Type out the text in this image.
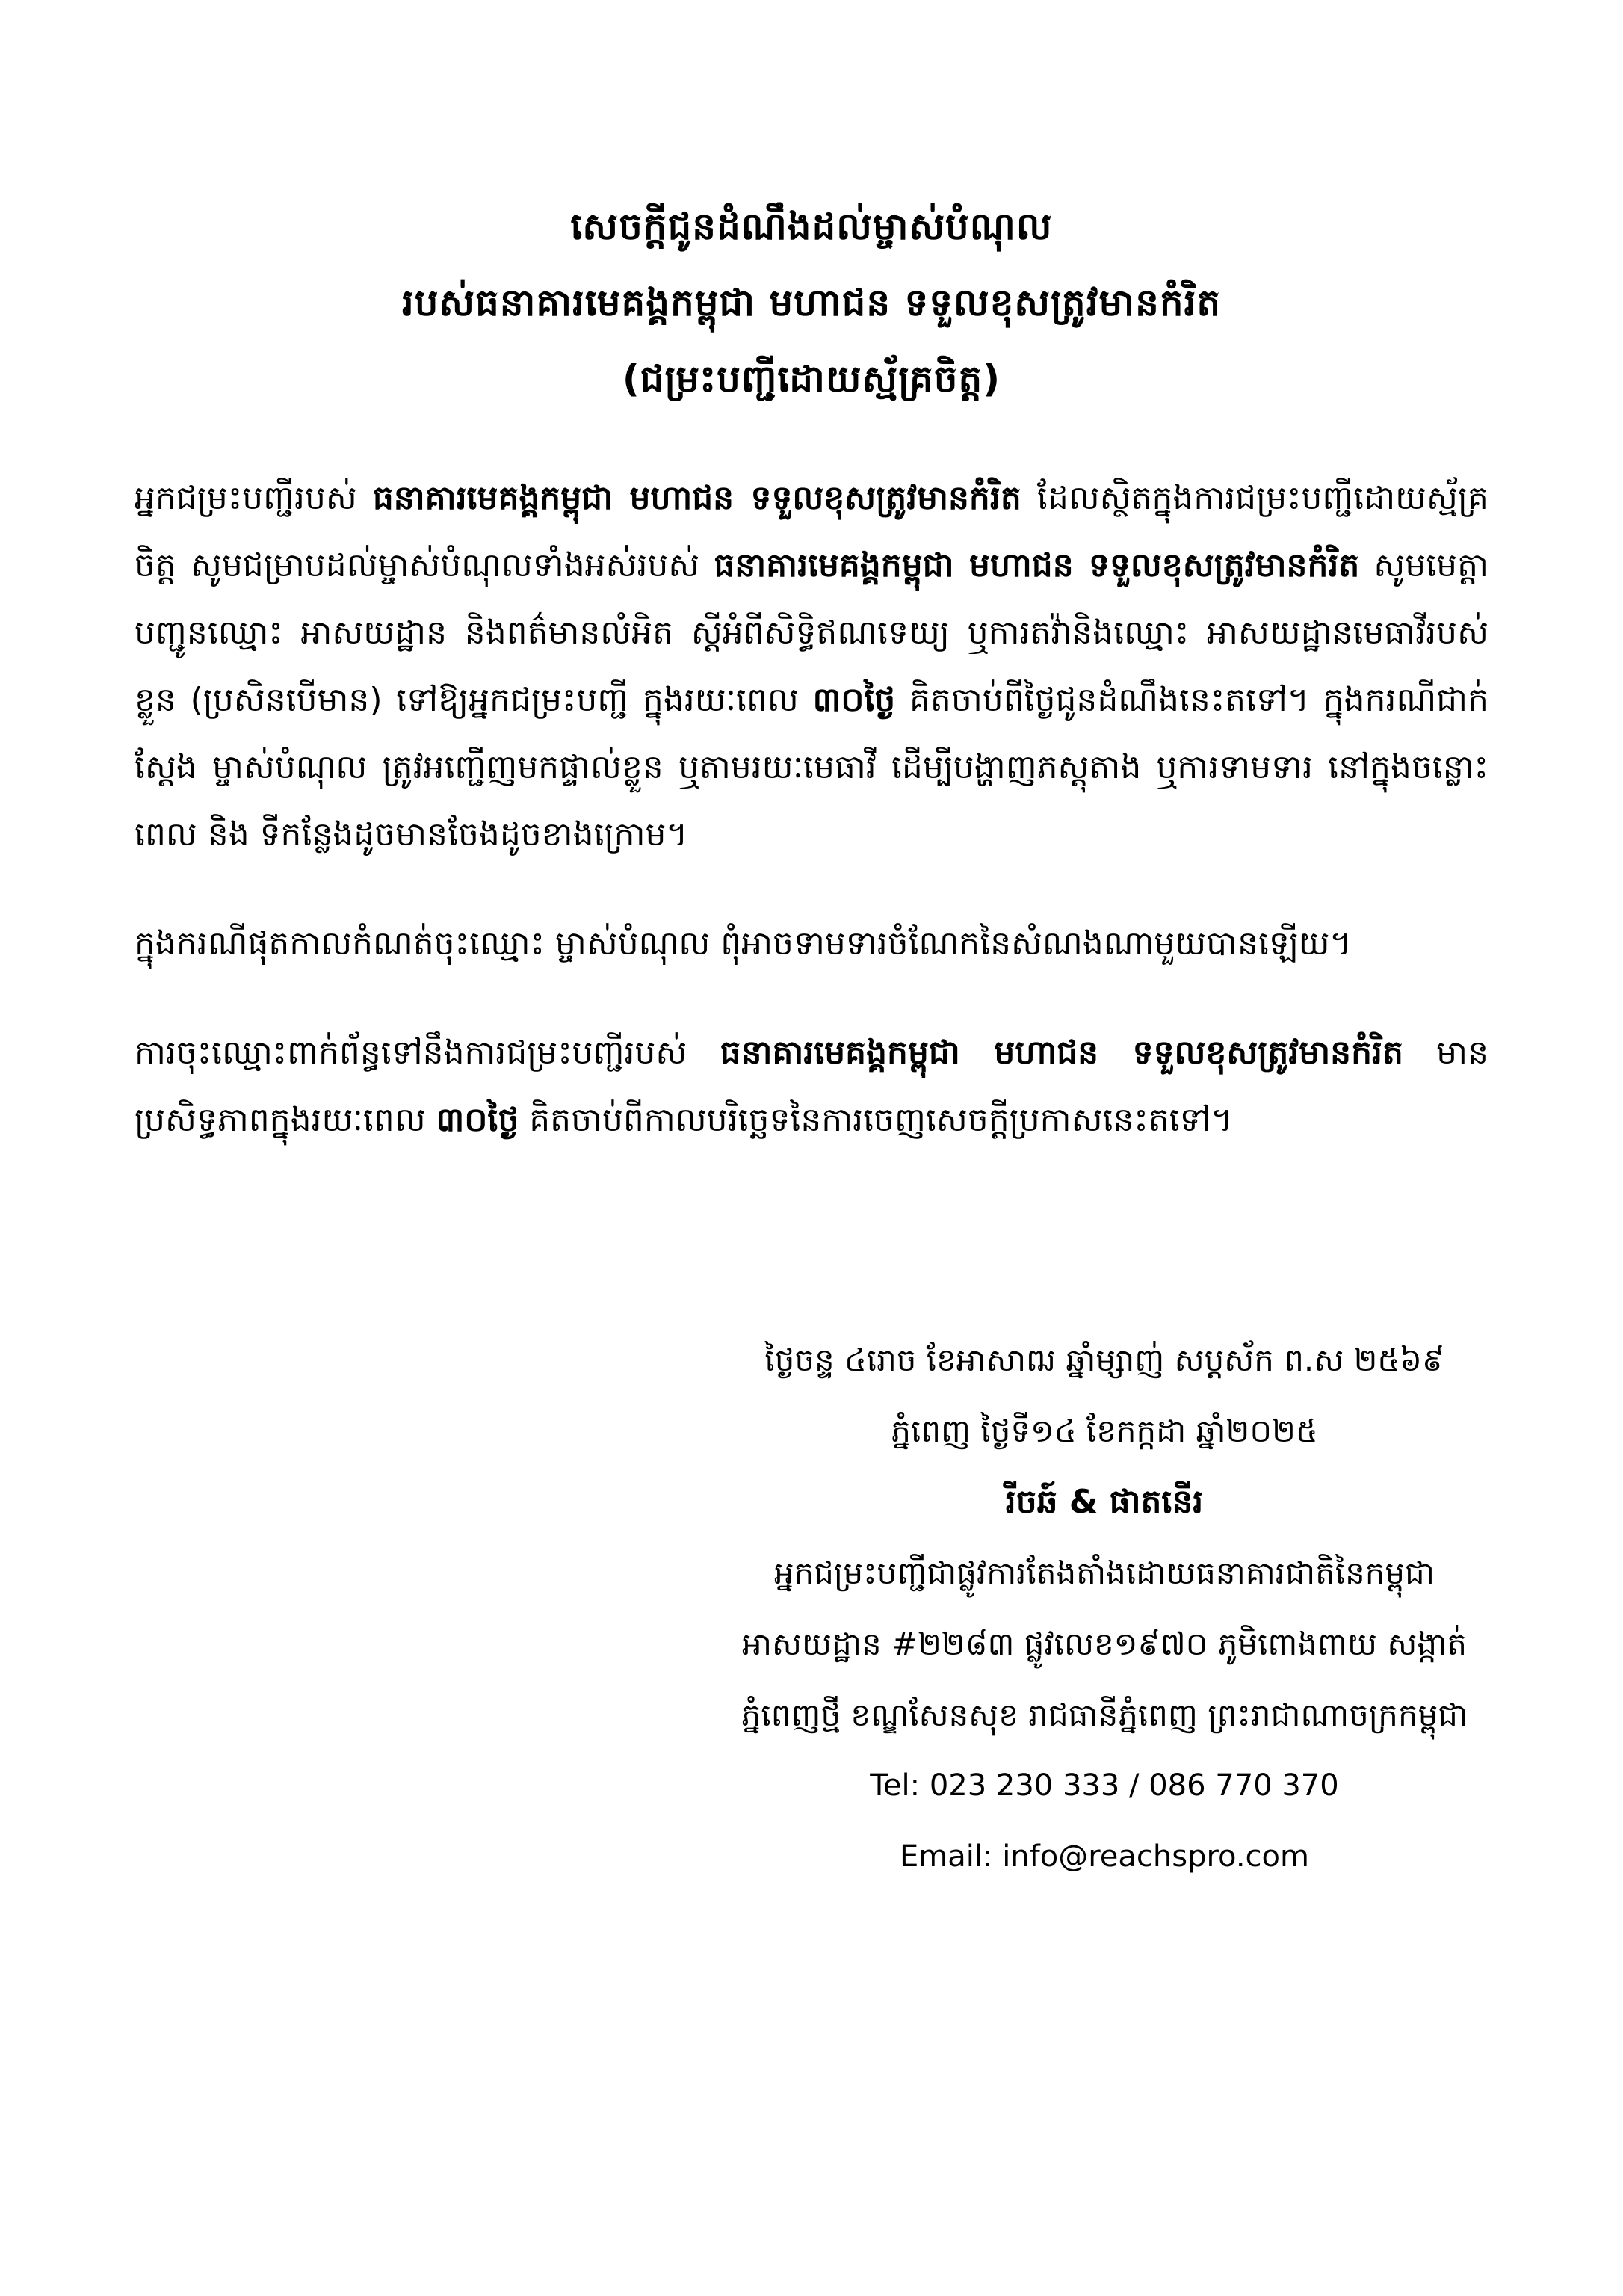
សេចក្តីជូនដំណឹងដល់ម្ចាស់បំណុល
របស់ធនាគារមេគង្គកម្ពុជា មហាជន ទទួលខុសត្រូវមានកំរិត
(ជម្រះបញ្ជីដោយស្ម័គ្រចិត្ត)

អ្នកជម្រះបញ្ជីរបស់ ធនាគារមេគង្គកម្ពុជា មហាជន ទទួលខុសត្រូវមានកំរិត ដែលស្ថិតក្នុងការជម្រះបញ្ជីដោយស្ម័គ្រចិត្ត សូមជម្រាបដល់ម្ចាស់បំណុលទាំងអស់របស់ ធនាគារមេគង្គកម្ពុជា មហាជន ទទួលខុសត្រូវមានកំរិត សូមមេត្តាបញ្ជូនឈ្មោះ អាសយដ្ឋាន និងពត៌មានលំអិត ស្តីអំពីសិទ្ធិឥណទេយ្យ ឬការតវ៉ានិងឈ្មោះ អាសយដ្ឋានមេធាវីរបស់ខ្លួន (ប្រសិនបើមាន) ទៅឱ្យអ្នកជម្រះបញ្ជី ក្នុងរយៈពេល ៣០ថ្ងៃ គិតចាប់ពីថ្ងៃជូនដំណឹងនេះតទៅ។ ក្នុងករណីជាក់ស្តែង ម្ចាស់បំណុល ត្រូវអញ្ជើញមកផ្ទាល់ខ្លួន ឬតាមរយៈមេធាវី ដើម្បីបង្ហាញភស្តុតាង ឬការទាមទារ នៅក្នុងចន្លោះពេល និង ទីកន្លែងដូចមានចែងដូចខាងក្រោម។

ក្នុងករណីផុតកាលកំណត់ចុះឈ្មោះ ម្ចាស់បំណុល ពុំអាចទាមទារចំណែកនៃសំណងណាមួយបានឡើយ។

ការចុះឈ្មោះពាក់ព័ន្ធទៅនឹងការជម្រះបញ្ជីរបស់ ធនាគារមេគង្គកម្ពុជា មហាជន ទទួលខុសត្រូវមានកំរិត មានប្រសិទ្ធភាពក្នុងរយៈពេល ៣០ថ្ងៃ គិតចាប់ពីកាលបរិច្ឆេទនៃការចេញសេចក្តីប្រកាសនេះតទៅ។

ថ្ងៃចន្ទ ៤រោច ខែអាសាឍ ឆ្នាំម្សាញ់ សប្ដស័ក ព.ស ២៥៦៩
ភ្នំពេញ ថ្ងៃទី១៤ ខែកក្កដា ឆ្នាំ២០២៥
រីចឆ៍ & ផាតនើរ
អ្នកជម្រះបញ្ជីជាផ្លូវការតែងតាំងដោយធនាគារជាតិនៃកម្ពុជា
អាសយដ្ឋាន #២២៨៣ ផ្លូវលេខ១៩៧០ ភូមិពោងពាយ សង្កាត់
ភ្នំពេញថ្មី ខណ្ឌសែនសុខ រាជធានីភ្នំពេញ ព្រះរាជាណាចក្រកម្ពុជា
Tel: 023 230 333 / 086 770 370
Email: info@reachspro.com
